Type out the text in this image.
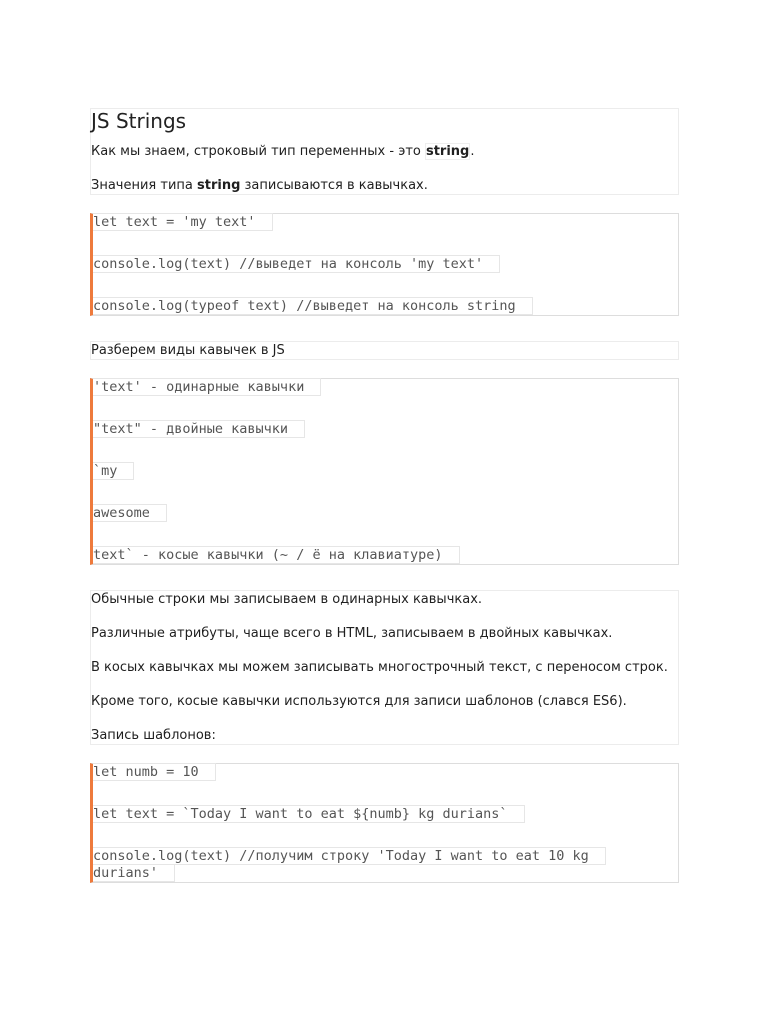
JS Strings

Как мы знаем, строковый тип переменных - это string.

Значения типа string записываются в кавычках.

let text = 'my text'

console.log(text) //выведет на консоль 'my text'

console.log(typeof text) //выведет на консоль string

Разберем виды кавычек в JS

'text' - одинарные кавычки

"text" - двойные кавычки

`my

awesome

text` - косые кавычки (~ / ё на клавиатуре)

Обычные строки мы записываем в одинарных кавычках.

Различные атрибуты, чаще всего в HTML, записываем в двойных кавычках.

В косых кавычках мы можем записывать многострочный текст, с переносом строк.

Кроме того, косые кавычки используются для записи шаблонов (слався ES6).

Запись шаблонов:

let numb = 10

let text = `Today I want to eat ${numb} kg durians`

console.log(text) //получим строку 'Today I want to eat 10 kg
durians'
